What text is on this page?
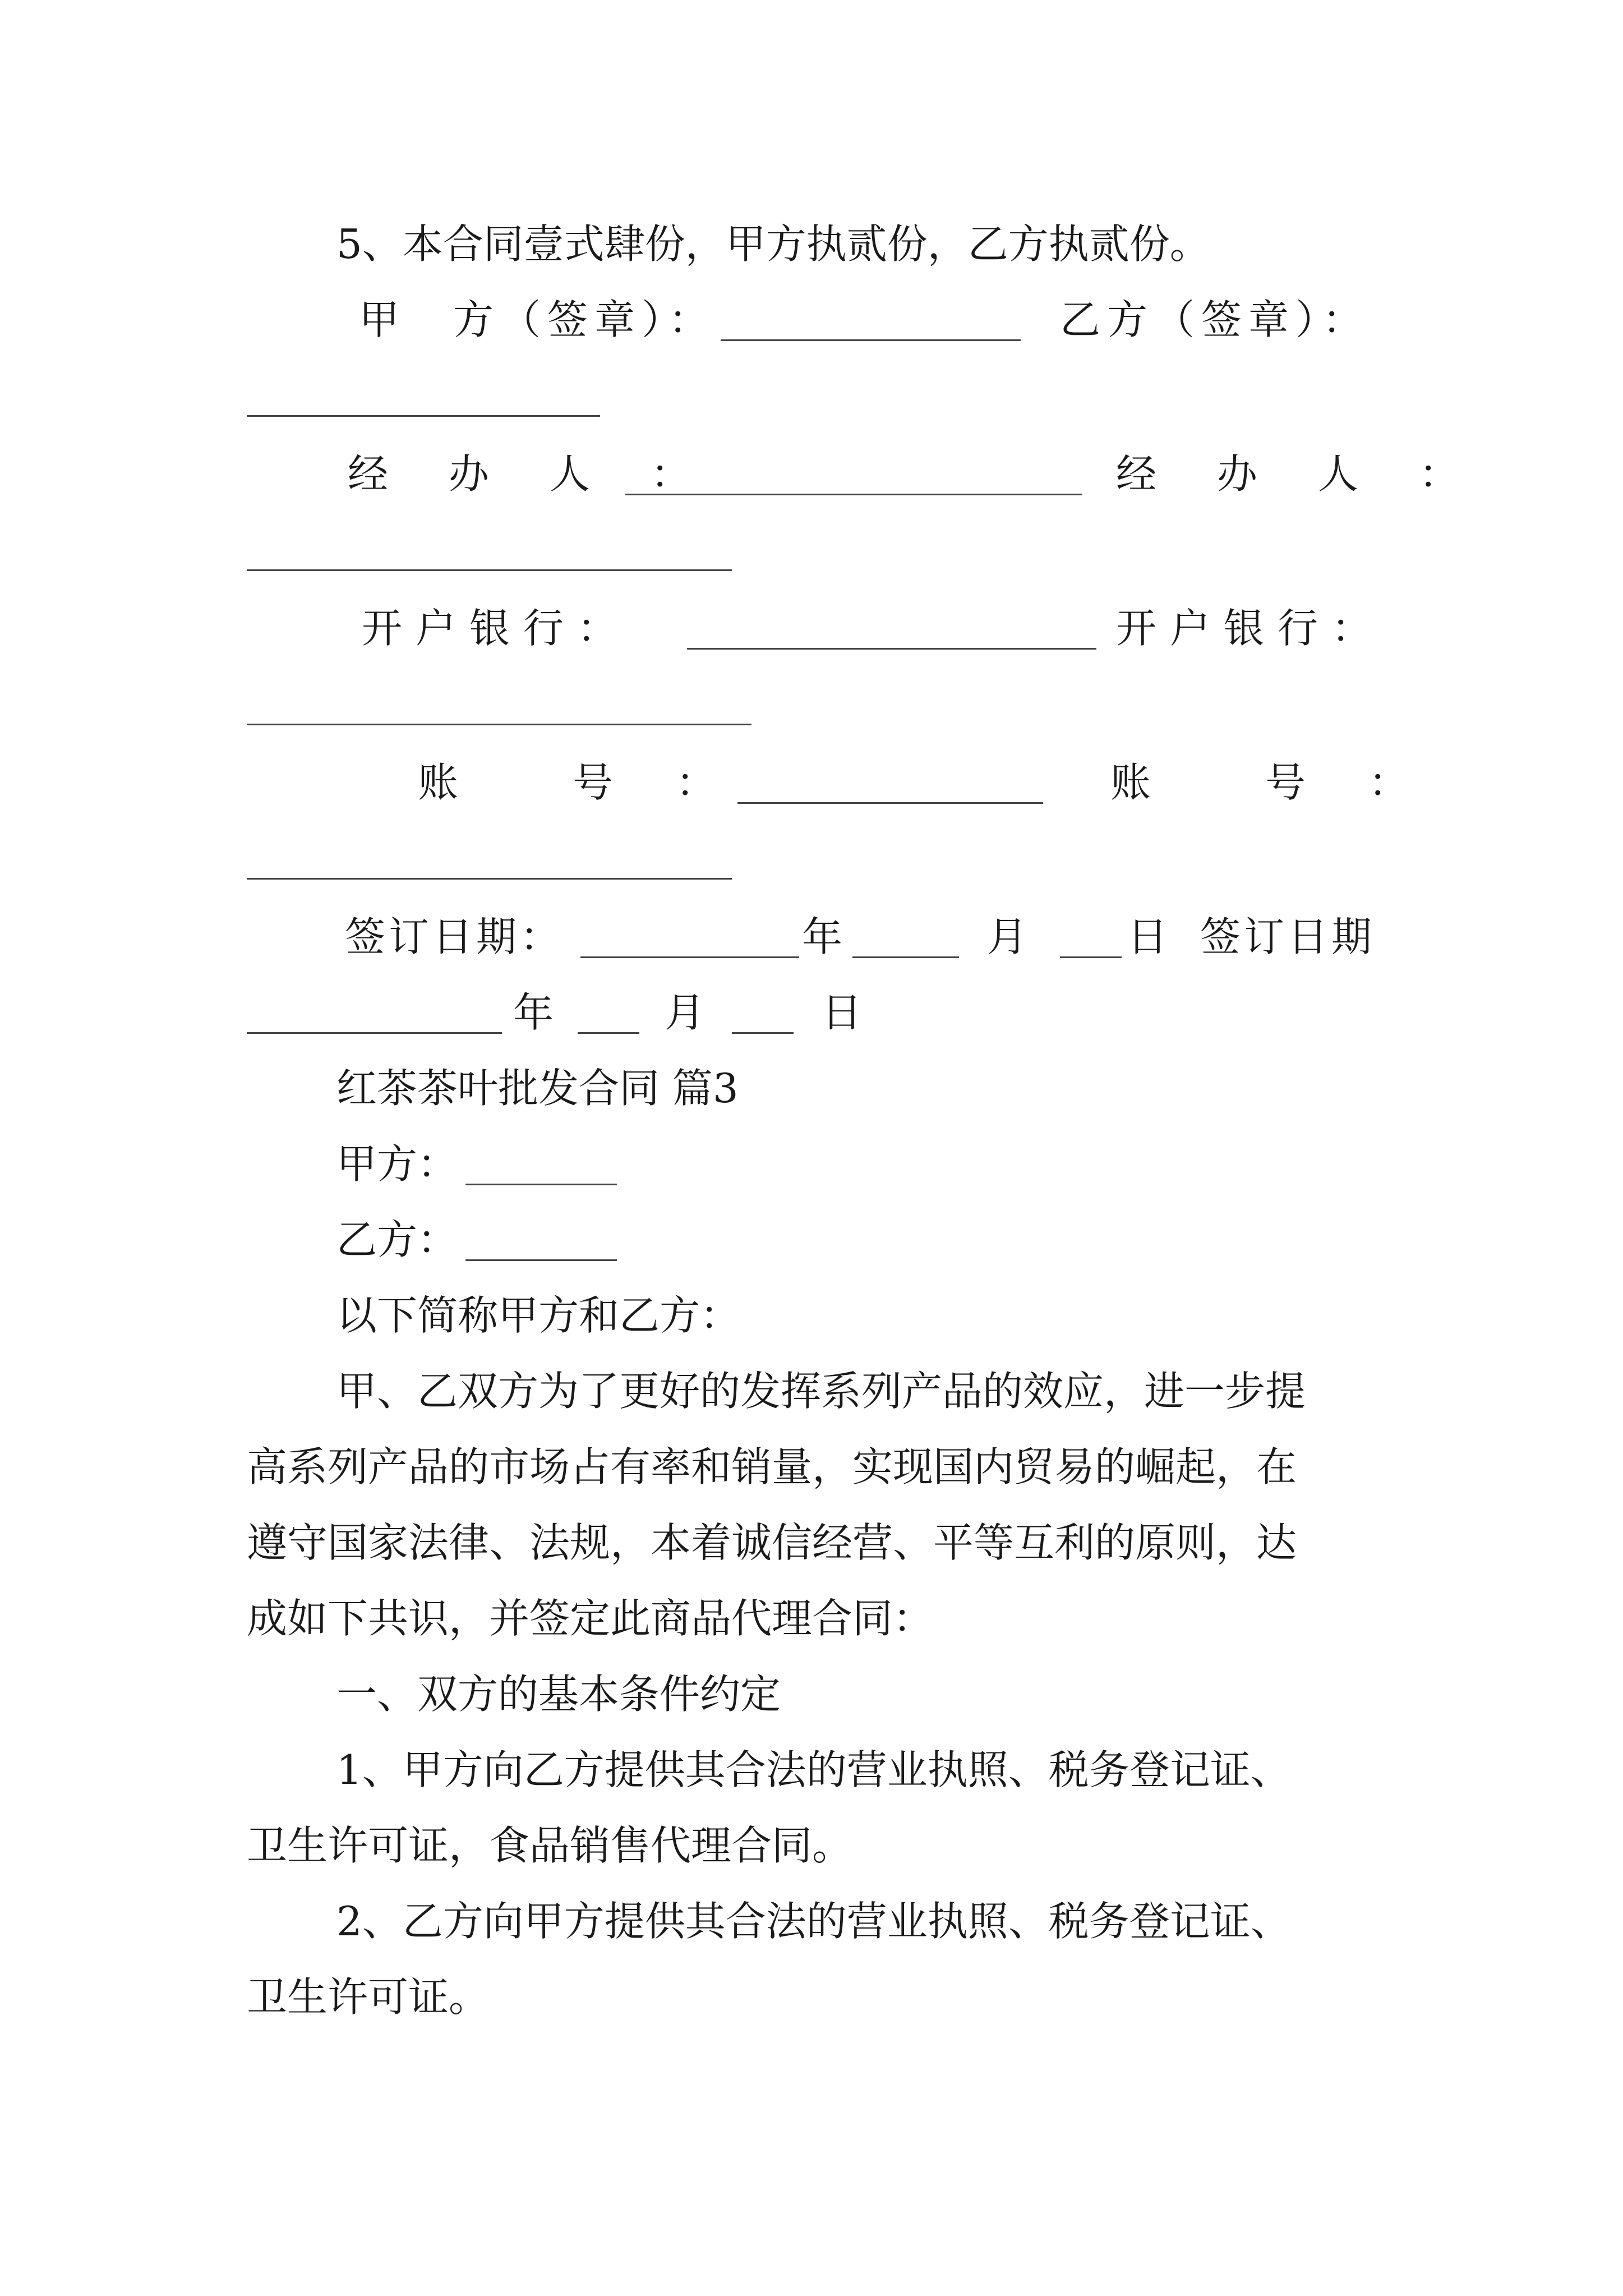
5、本合同壹式肆份，甲方执贰份，乙方执贰份。
甲　方（签章）：	乙方（签章）：
经　办　人　：	经　办　人　：
开户银行：	开户银行：
账　　号　：	账　　号　：
签订日期：	年	月 日 签订日期
年	月	日
红茶茶叶批发合同 篇3
甲方：
乙方：
以下简称甲方和乙方：
甲、乙双方为了更好的发挥系列产品的效应，进一步提
高系列产品的市场占有率和销量，实现国内贸易的崛起，在
遵守国家法律、法规，本着诚信经营、平等互利的原则，达
成如下共识，并签定此商品代理合同：
一、双方的基本条件约定
1、甲方向乙方提供其合法的营业执照、税务登记证、
卫生许可证，食品销售代理合同。
2、乙方向甲方提供其合法的营业执照、税务登记证、
卫生许可证。
